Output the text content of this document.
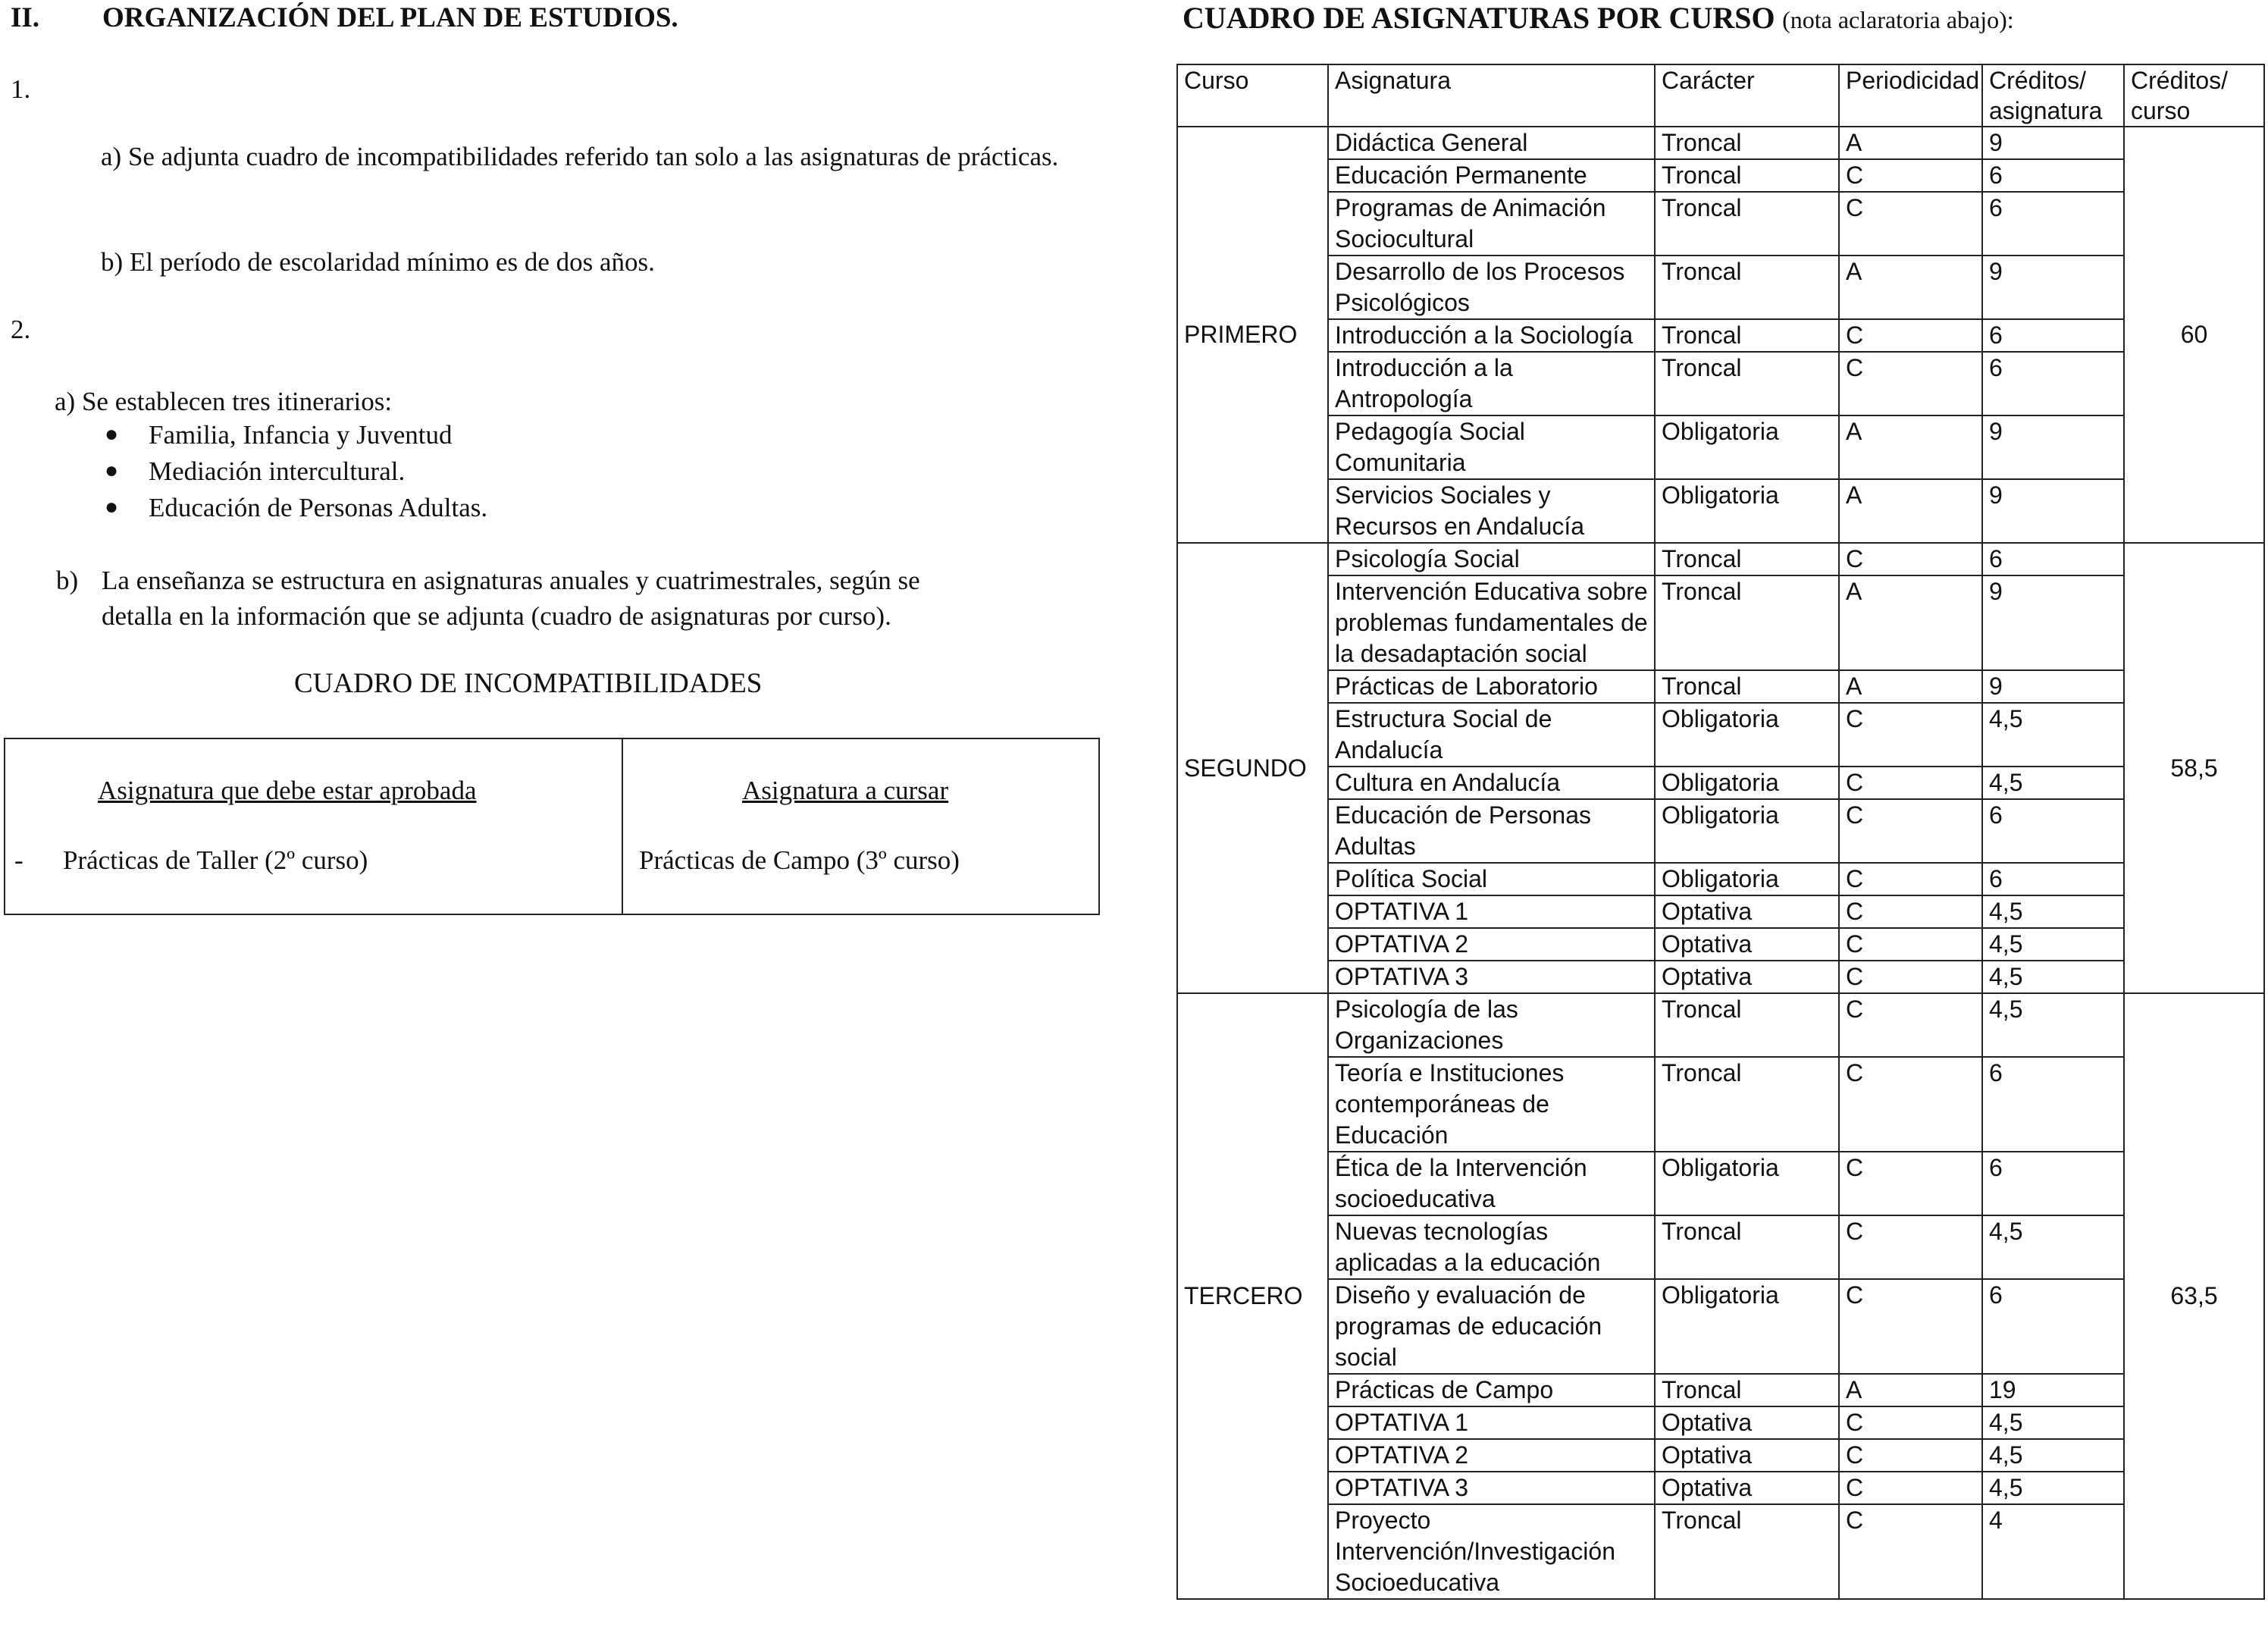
II. ORGANIZACIÓN DEL PLAN DE ESTUDIOS.
1.
a) Se adjunta cuadro de incompatibilidades referido tan solo a las asignaturas de prácticas.
b) El período de escolaridad mínimo es de dos años.
2.
a) Se establecen tres itinerarios:
● Familia, Infancia y Juventud
● Mediación intercultural.
● Educación de Personas Adultas.
b) La enseñanza se estructura en asignaturas anuales y cuatrimestrales, según se
detalla en la información que se adjunta (cuadro de asignaturas por curso).
CUADRO DE INCOMPATIBILIDADES
Asignatura que debe estar aprobada	Asignatura a cursar
- Prácticas de Taller (2º curso)	Prácticas de Campo (3º curso)
CUADRO DE ASIGNATURAS POR CURSO (nota aclaratoria abajo):
Curso	Asignatura	Carácter	Periodicidad	Créditos/ asignatura	Créditos/ curso
PRIMERO	Didáctica General	Troncal	A	9	60
	Educación Permanente	Troncal	C	6	
	Programas de Animación Sociocultural	Troncal	C	6	
	Desarrollo de los Procesos Psicológicos	Troncal	A	9	
	Introducción a la Sociología	Troncal	C	6	
	Introducción a la Antropología	Troncal	C	6	
	Pedagogía Social Comunitaria	Obligatoria	A	9	
	Servicios Sociales y Recursos en Andalucía	Obligatoria	A	9	
SEGUNDO	Psicología Social	Troncal	C	6	58,5
	Intervención Educativa sobre problemas fundamentales de la desadaptación social	Troncal	A	9	
	Prácticas de Laboratorio	Troncal	A	9	
	Estructura Social de Andalucía	Obligatoria	C	4,5	
	Cultura en Andalucía	Obligatoria	C	4,5	
	Educación de Personas Adultas	Obligatoria	C	6	
	Política Social	Obligatoria	C	6	
	OPTATIVA 1	Optativa	C	4,5	
	OPTATIVA 2	Optativa	C	4,5	
	OPTATIVA 3	Optativa	C	4,5	
TERCERO	Psicología de las Organizaciones	Troncal	C	4,5	63,5
	Teoría e Instituciones contemporáneas de Educación	Troncal	C	6	
	Ética de la Intervención socioeducativa	Obligatoria	C	6	
	Nuevas tecnologías aplicadas a la educación	Troncal	C	4,5	
	Diseño y evaluación de programas de educación social	Obligatoria	C	6	
	Prácticas de Campo	Troncal	A	19	
	OPTATIVA 1	Optativa	C	4,5	
	OPTATIVA 2	Optativa	C	4,5	
	OPTATIVA 3	Optativa	C	4,5	
	Proyecto Intervención/Investigación Socioeducativa	Troncal	C	4	
